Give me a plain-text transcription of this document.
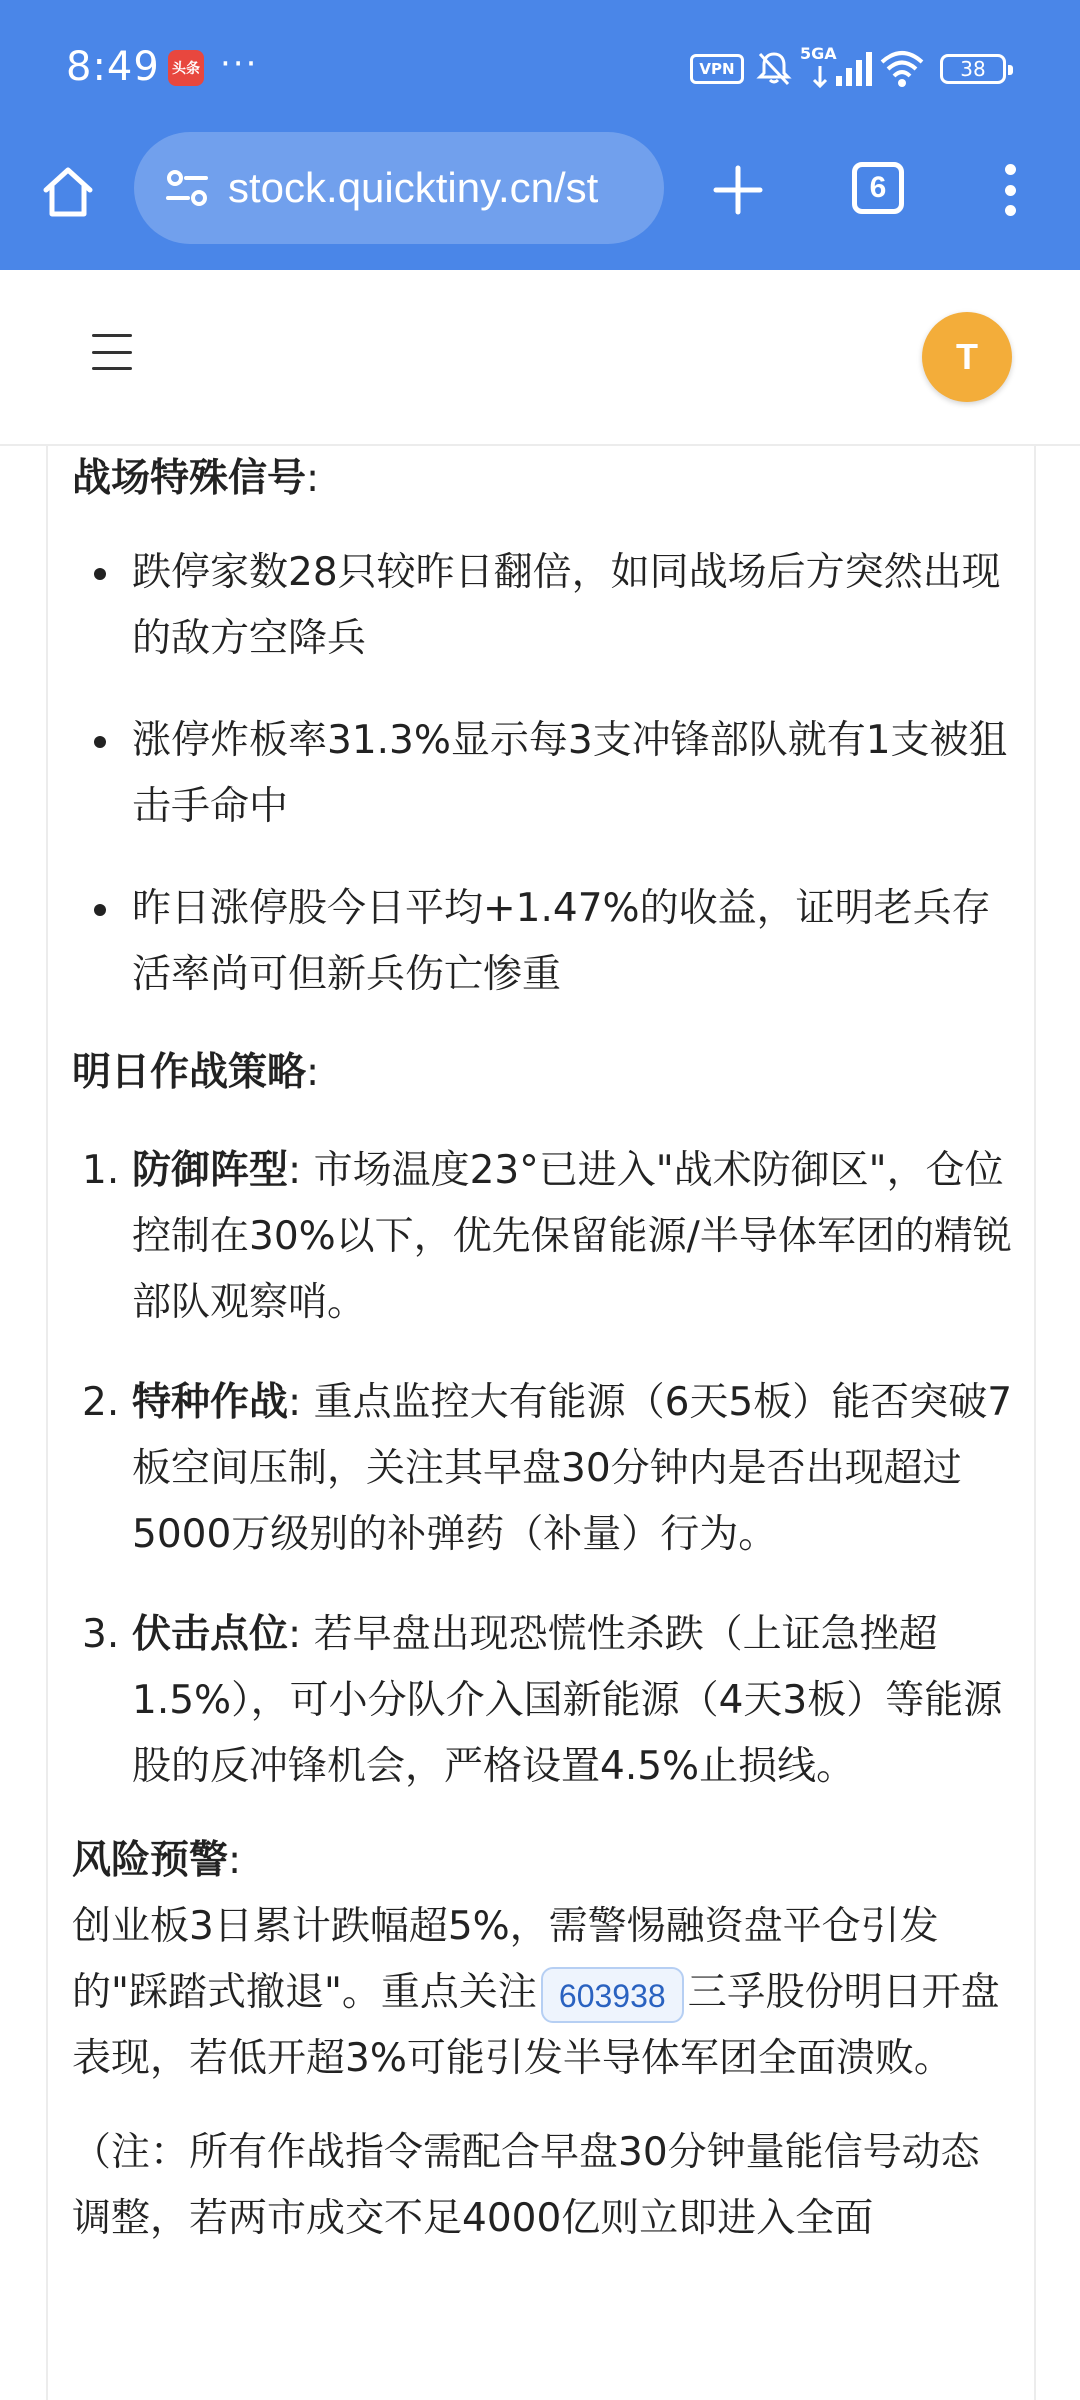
8:49 头条 ···	VPN
5GA
38
stock.quicktiny.cn/st	6
T
战场特殊信号:
跌停家数28只较昨日翻倍，如同战场后方突然出现的敌方空降兵
涨停炸板率31.3%显示每3支冲锋部队就有1支被狙击手命中
昨日涨停股今日平均+1.47%的收益，证明老兵存活率尚可但新兵伤亡惨重
明日作战策略:
1. 防御阵型: 市场温度23°已进入"战术防御区"，仓位控制在30%以下，优先保留能源/半导体军团的精锐部队观察哨。
2. 特种作战: 重点监控大有能源（6天5板）能否突破7板空间压制，关注其早盘30分钟内是否出现超过5000万级别的补弹药（补量）行为。
3. 伏击点位: 若早盘出现恐慌性杀跌（上证急挫超1.5%），可小分队介入国新能源（4天3板）等能源股的反冲锋机会，严格设置4.5%止损线。
风险预警:

创业板3日累计跌幅超5%，需警惕融资盘平仓引发的"踩踏式撤退"。重点关注 603938 三孚股份明日开盘表现，若低开超3%可能引发半导体军团全面溃败。

（注：所有作战指令需配合早盘30分钟量能信号动态调整，若两市成交不足4000亿则立即进入全面
